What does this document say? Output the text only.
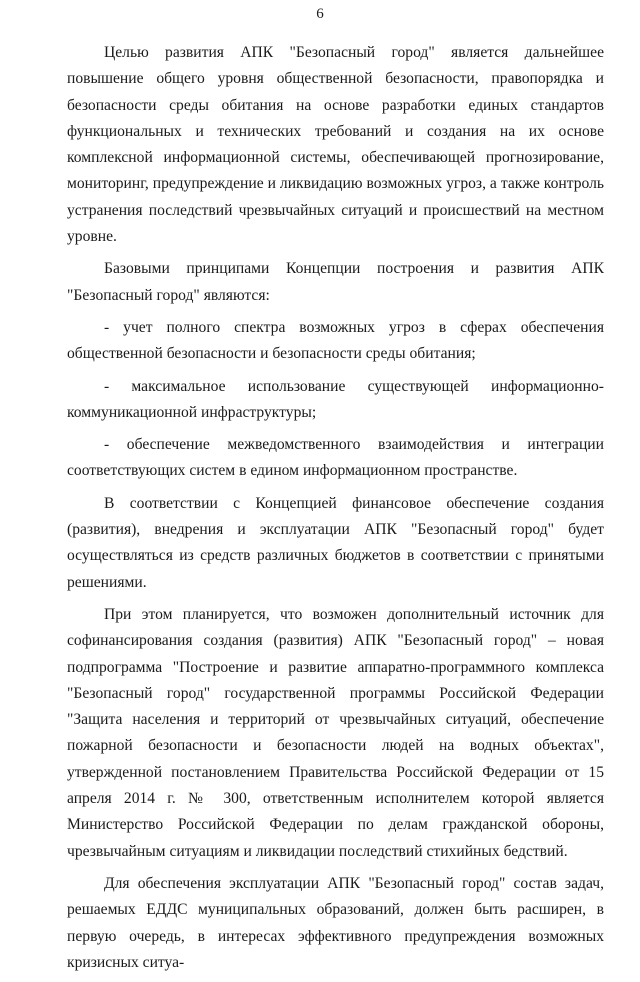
6

Целью развития АПК "Безопасный город" является дальнейшее повышение общего уровня общественной безопасности, правопорядка и безопасности среды обитания на основе разработки единых стандартов функциональных и технических требований и создания на их основе комплексной информационной системы, обеспечивающей прогнозирование, мониторинг, предупреждение и ликвидацию возможных угроз, а также контроль устранения последствий чрезвычайных ситуаций и происшествий на местном уровне.

Базовыми принципами Концепции построения и развития АПК "Безопасный город" являются:

- учет полного спектра возможных угроз в сферах обеспечения общественной безопасности и безопасности среды обитания;

- максимальное использование существующей информационно-коммуникационной инфраструктуры;

- обеспечение межведомственного взаимодействия и интеграции соответствующих систем в едином информационном пространстве.

В соответствии с Концепцией финансовое обеспечение создания (развития), внедрения и эксплуатации АПК "Безопасный город" будет осуществляться из средств различных бюджетов в соответствии с принятыми решениями.

При этом планируется, что возможен дополнительный источник для софинансирования создания (развития) АПК "Безопасный город" – новая подпрограмма "Построение и развитие аппаратно-программного комплекса "Безопасный город" государственной программы Российской Федерации "Защита населения и территорий от чрезвычайных ситуаций, обеспечение пожарной безопасности и безопасности людей на водных объектах", утвержденной постановлением Правительства Российской Федерации от 15 апреля 2014 г. № 300, ответственным исполнителем которой является Министерство Российской Федерации по делам гражданской обороны, чрезвычайным ситуациям и ликвидации последствий стихийных бедствий.

Для обеспечения эксплуатации АПК "Безопасный город" состав задач, решаемых ЕДДС муниципальных образований, должен быть расширен, в первую очередь, в интересах эффективного предупреждения возможных кризисных ситуа-
